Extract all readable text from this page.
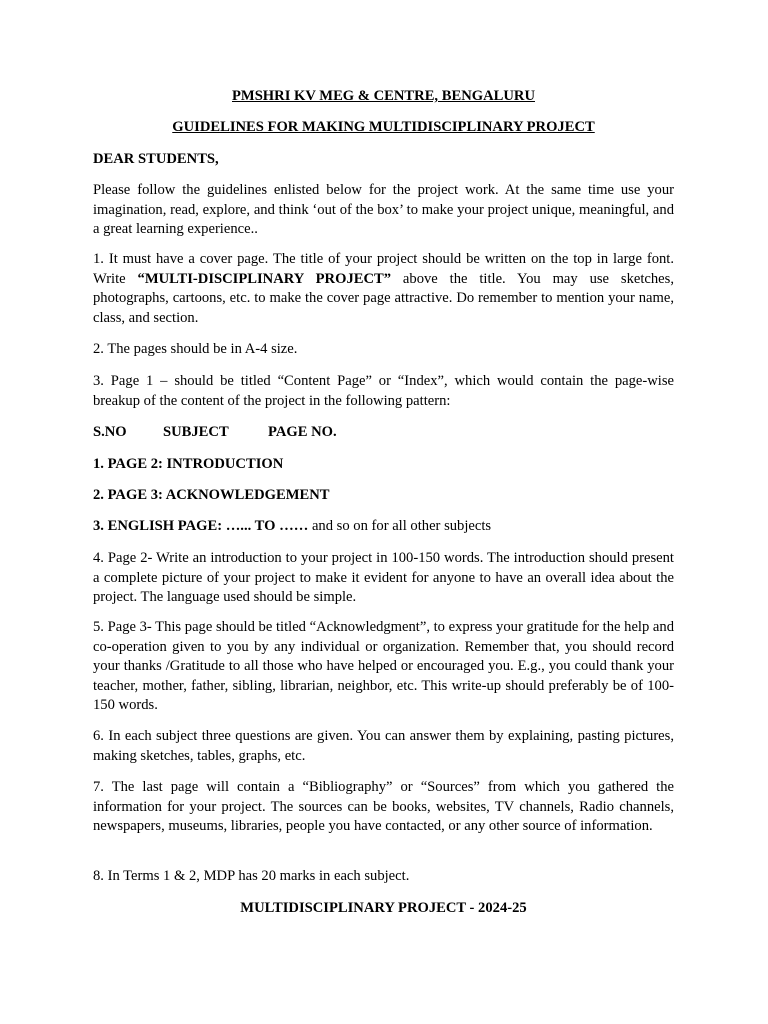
PMSHRI KV MEG & CENTRE, BENGALURU

GUIDELINES FOR MAKING MULTIDISCIPLINARY PROJECT

DEAR STUDENTS,

Please follow the guidelines enlisted below for the project work. At the same time use your imagination, read, explore, and think ‘out of the box’ to make your project unique, meaningful, and a great learning experience..

1. It must have a cover page. The title of your project should be written on the top in large font. Write “MULTI-DISCIPLINARY PROJECT” above the title. You may use sketches, photographs, cartoons, etc. to make the cover page attractive. Do remember to mention your name, class, and section.

2. The pages should be in A-4 size.

3. Page 1 – should be titled “Content Page” or “Index”, which would contain the page-wise breakup of the content of the project in the following pattern:

S.NO SUBJECT	PAGE NO.

1. PAGE 2: INTRODUCTION

2. PAGE 3: ACKNOWLEDGEMENT

3. ENGLISH PAGE: …... TO …… and so on for all other subjects

4. Page 2- Write an introduction to your project in 100-150 words. The introduction should present a complete picture of your project to make it evident for anyone to have an overall idea about the project. The language used should be simple.

5. Page 3- This page should be titled “Acknowledgment”, to express your gratitude for the help and co-operation given to you by any individual or organization. Remember that, you should record your thanks /Gratitude to all those who have helped or encouraged you. E.g., you could thank your teacher, mother, father, sibling, librarian, neighbor, etc. This write-up should preferably be of 100-150 words.

6. In each subject three questions are given. You can answer them by explaining, pasting pictures, making sketches, tables, graphs, etc.

7. The last page will contain a “Bibliography” or “Sources” from which you gathered the information for your project. The sources can be books, websites, TV channels, Radio channels, newspapers, museums, libraries, people you have contacted, or any other source of information.

8. In Terms 1 & 2, MDP has 20 marks in each subject.

MULTIDISCIPLINARY PROJECT - 2024-25
